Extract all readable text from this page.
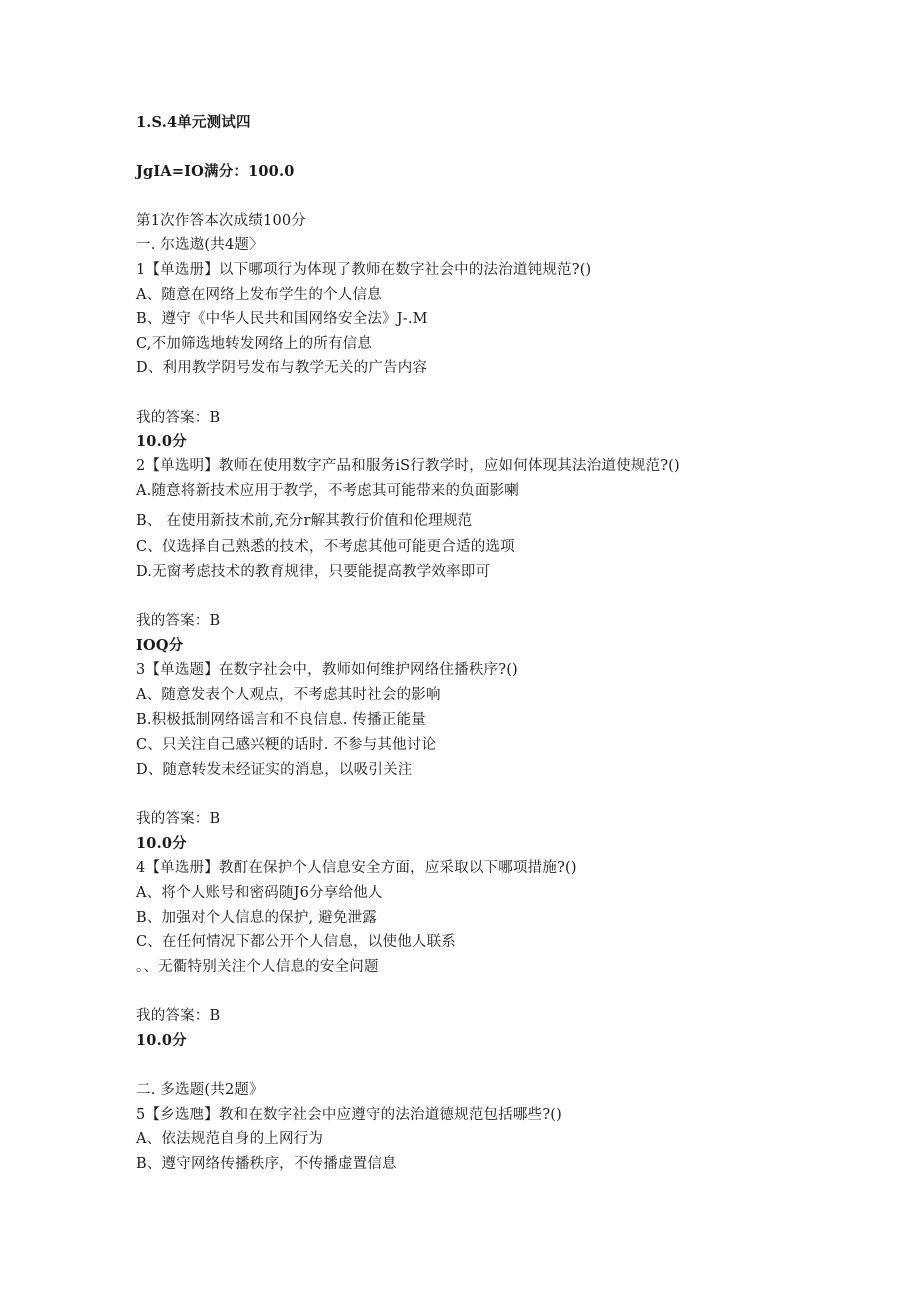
1.S.4单元测试四
JgIA=IO满分：100.0
第1次作答本次成绩100分
一. 尔选遨(共4题〉
1【单选册】以下哪项行为体现了教师在数字社会中的法治道钝规范?()
A、随意在网络上发布学生的个人信息
B、遵守《中华人民共和国网络安全法》J-.M
C,不加筛选地转发网络上的所有信息
D、利用教学阴号发布与教学无关的广告内容
我的答案：B
10.0分
2【单选明】教师在使用数字产品和服务iS行教学时，应如何体现其法治道使规范?()
A.随意将新技术应用于教学，不考虑其可能带来的负面影喇
B、 在使用新技术前,充分r解其教行价值和伦理规范
C、仪选择自己熟悉的技术，不考虑其他可能更合适的选项
D.无窗考虑技术的教育规律，只要能提高教学效率即可
我的答案：B
IOQ分
3【单选题】在数字社会中，教师如何维护网络住播秩序?()
A、随意发表个人观点，不考虑其时社会的影响
B.积极抵制网络谣言和不良信息. 传播正能量
C、只关注自己感兴粳的话时. 不参与其他讨论
D、随意转发未经证实的消息，以吸引关注
我的答案：B
10.0分
4【单选册】教酊在保护个人信息安全方面，应采取以下哪项措施?()
A、将个人账号和密码随J6分享给他人
B、加强对个人信息的保护, 避免泄露
C、在任何情况下都公开个人信息，以使他人联系
。、无衢特别关注个人信息的安全问题
我的答案：B
10.0分
二. 多选题(共2题》
5【乡选虺】教和在数字社会中应遵守的法治道德规范包括哪些?()
A、依法规范自身的上网行为
B、遵守网络传播秩序，不传播虚置信息
